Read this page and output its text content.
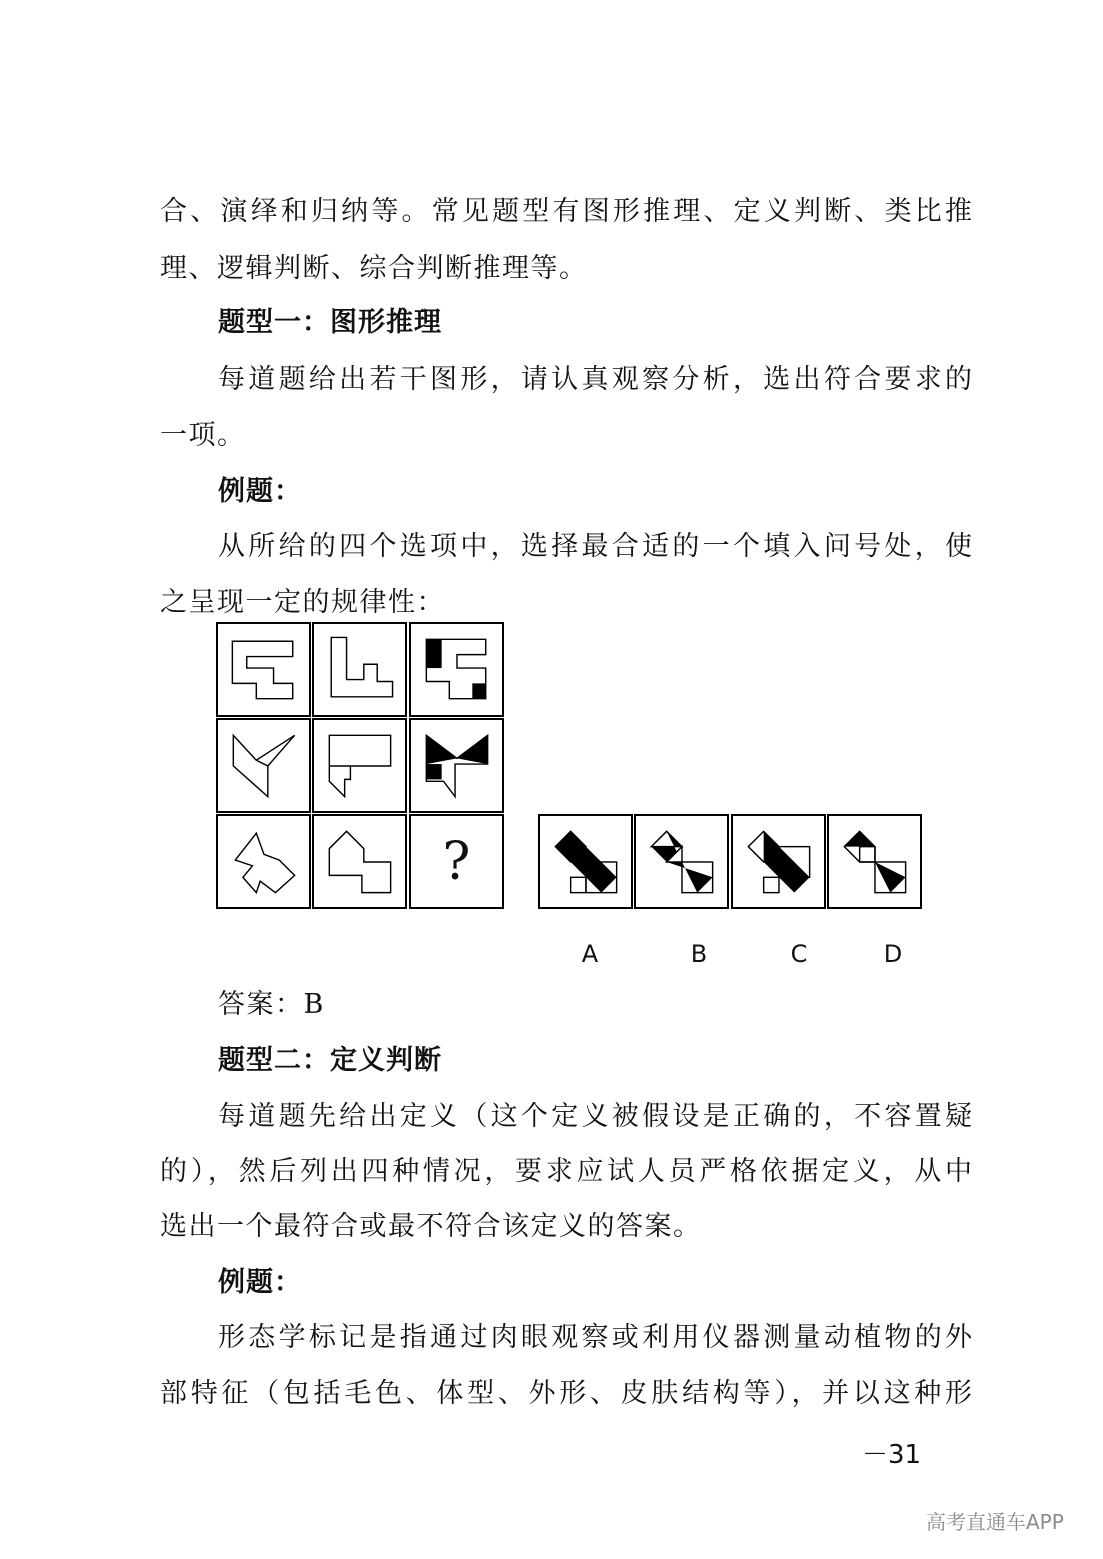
合、演绎和归纳等。常见题型有图形推理、定义判断、类比推
理、逻辑判断、综合判断推理等。
题型一：图形推理
每道题给出若干图形，请认真观察分析，选出符合要求的
一项。
例题：
从所给的四个选项中，选择最合适的一个填入问号处，使
之呈现一定的规律性：
?
A	B	C	D
答案：B
题型二：定义判断
每道题先给出定义（这个定义被假设是正确的，不容置疑
的），然后列出四种情况，要求应试人员严格依据定义，从中
选出一个最符合或最不符合该定义的答案。
例题：
形态学标记是指通过肉眼观察或利用仪器测量动植物的外
部特征（包括毛色、体型、外形、皮肤结构等），并以这种形
－31
高考直通车APP
